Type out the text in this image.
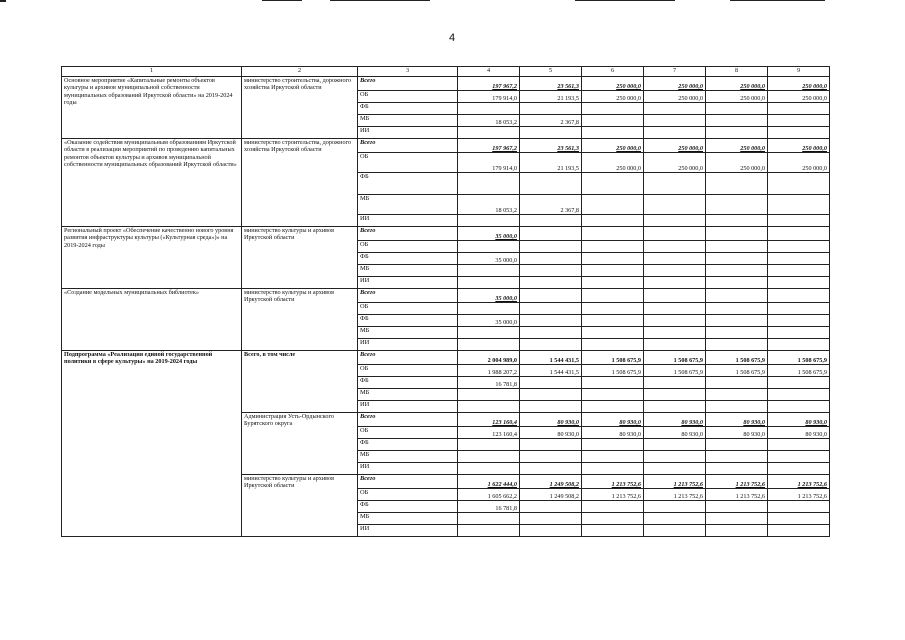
4
1	2	3	4	5	6	7	8	9
Основное мероприятие «Капитальные ремонты объектов культуры и архивов муниципальной собственности муниципальных образований Иркутской области» на 2019-2024 годы	министерство строительства, дорожного хозяйства Иркутской области	Всего	197 967,2	23 561,3	250 000,0	250 000,0	250 000,0	250 000,0
		ОБ	179 914,0	21 193,5	250 000,0	250 000,0	250 000,0	250 000,0
		ФБ						
		МБ	18 053,2	2 367,8				
		ИИ						
«Оказание содействия муниципальным образованиям Иркутской области в реализации мероприятий по проведению капитальных ремонтов объектов культуры и архивов муниципальной собственности муниципальных образований Иркутской области»	министерство строительства, дорожного хозяйства Иркутской области	Всего	197 967,2	23 561,3	250 000,0	250 000,0	250 000,0	250 000,0
		ОБ	179 914,0	21 193,5	250 000,0	250 000,0	250 000,0	250 000,0
		ФБ						
		МБ	18 053,2	2 367,8				
		ИИ						
Региональный проект «Обеспечение качественно нового уровня развития инфраструктуры культуры («Культурная среда»)» на 2019-2024 годы	министерство культуры и архивов Иркутской области	Всего	35 000,0					
		ОБ						
		ФБ	35 000,0					
		МБ						
		ИИ						
«Создание модельных муниципальных библиотек»	министерство культуры и архивов Иркутской области	Всего	35 000,0					
		ОБ						
		ФБ	35 000,0					
		МБ						
		ИИ						
Подпрограмма «Реализация единой государственной политики в сфере культуры» на 2019-2024 годы	Всего, в том числе	Всего	2 004 989,0	1 544 431,5	1 508 675,9	1 508 675,9	1 508 675,9	1 508 675,9
		ОБ	1 988 207,2	1 544 431,5	1 508 675,9	1 508 675,9	1 508 675,9	1 508 675,9
		ФБ	16 781,8					
		МБ						
		ИИ						
	Администрация Усть-Ордынского Бурятского округа	Всего	123 160,4	80 930,0	80 930,0	80 930,0	80 930,0	80 930,0
		ОБ	123 160,4	80 930,0	80 930,0	80 930,0	80 930,0	80 930,0
		ФБ						
		МБ						
		ИИ						
	министерство культуры и архивов Иркутской области	Всего	1 622 444,0	1 249 508,2	1 213 752,6	1 213 752,6	1 213 752,6	1 213 752,6
		ОБ	1 605 662,2	1 249 508,2	1 213 752,6	1 213 752,6	1 213 752,6	1 213 752,6
		ФБ	16 781,8					
		МБ						
		ИИ						
